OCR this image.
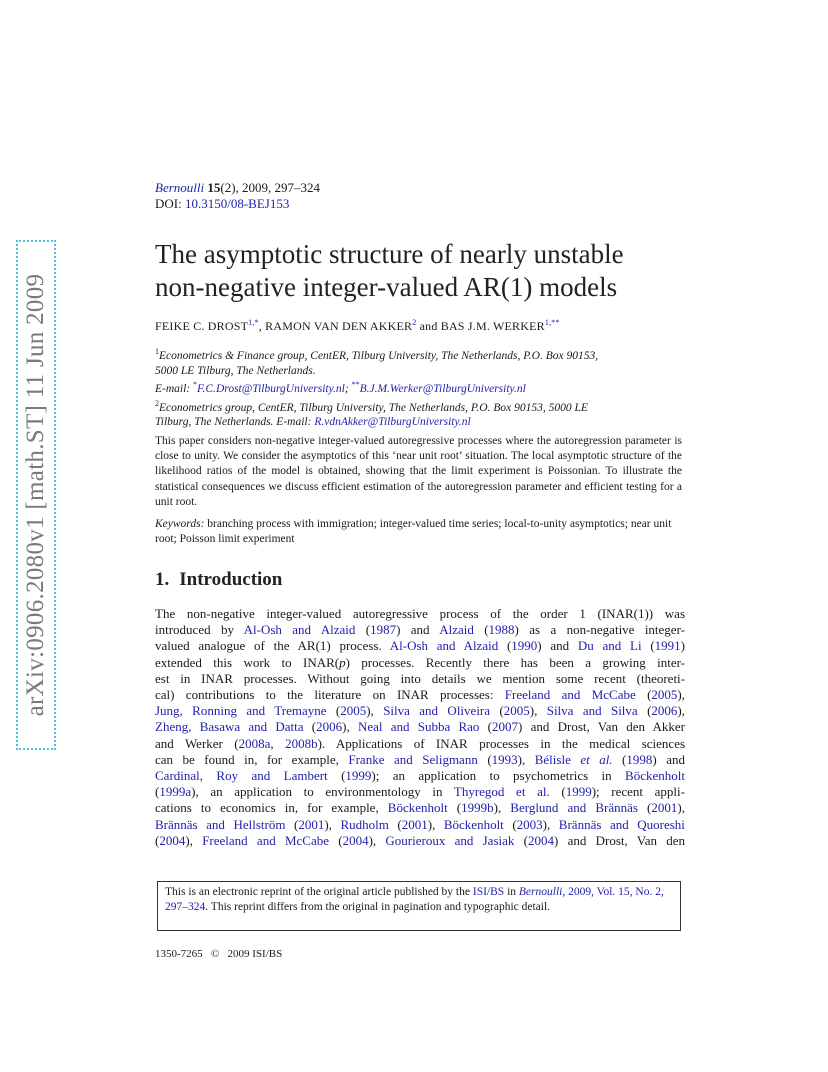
arXiv:0906.2080v1 [math.ST] 11 Jun 2009
Bernoulli 15(2), 2009, 297–324
DOI: 10.3150/08-BEJ153
The asymptotic structure of nearly unstable
non-negative integer-valued AR(1) models
FEIKE C. $DROST^{1,*}$, RAMON VAN DEN AKKER$^2$ and BAS J.M. $WERKER^{1,**}$
$^1$Econometrics & Finance group, CentER, Tilburg University, The Netherlands, P.O. Box 90153,
5000 LE Tilburg, The Netherlands.
E-mail: *F.C.Drost@TilburgUniversity.nl; **B.J.M.Werker@TilburgUniversity.nl
$^2$Econometrics group, CentER, Tilburg University, The Netherlands, P.O. Box 90153, 5000 LE
Tilburg, The Netherlands. E-mail: R.vdnAkker@TilburgUniversity.nl
This paper considers non-negative integer-valued autoregressive processes where the autoregression parameter is close to unity. We consider the asymptotics of this ‘near unit root’ situation. The local asymptotic structure of the likelihood ratios of the model is obtained, showing that the limit experiment is Poissonian. To illustrate the statistical consequences we discuss efficient estimation of the autoregression parameter and efficient testing for a unit root.
Keywords: branching process with immigration; integer-valued time series; local-to-unity asymptotics; near unit root; Poisson limit experiment
1. Introduction
The non-negative integer-valued autoregressive process of the order 1 (INAR(1)) was
introduced by Al-Osh and Alzaid (1987) and Alzaid (1988) as a non-negative integer-
valued analogue of the AR(1) process. Al-Osh and Alzaid (1990) and Du and Li (1991)
extended this work to INAR(p) processes. Recently there has been a growing inter-
est in INAR processes. Without going into details we mention some recent (theoreti-
cal) contributions to the literature on INAR processes: Freeland and McCabe (2005),
Jung, Ronning and Tremayne (2005), Silva and Oliveira (2005), Silva and Silva (2006),
Zheng, Basawa and Datta (2006), Neal and Subba Rao (2007) and Drost, Van den Akker
and Werker (2008a, 2008b). Applications of INAR processes in the medical sciences
can be found in, for example, Franke and Seligmann (1993), Bélisle et al. (1998) and
Cardinal, Roy and Lambert (1999); an application to psychometrics in Böckenholt
(1999a), an application to environmentology in Thyregod et al. (1999); recent appli-
cations to economics in, for example, Böckenholt (1999b), Berglund and Brännäs (2001),
Brännäs and Hellström (2001), Rudholm (2001), Böckenholt (2003), Brännäs and Quoreshi
(2004), Freeland and McCabe (2004), Gourieroux and Jasiak (2004) and Drost, Van den
This is an electronic reprint of the original article published by the ISI/BS in Bernoulli, 2009, Vol. 15, No. 2, 297–324. This reprint differs from the original in pagination and typographic detail.
1350-7265 © 2009 ISI/BS
